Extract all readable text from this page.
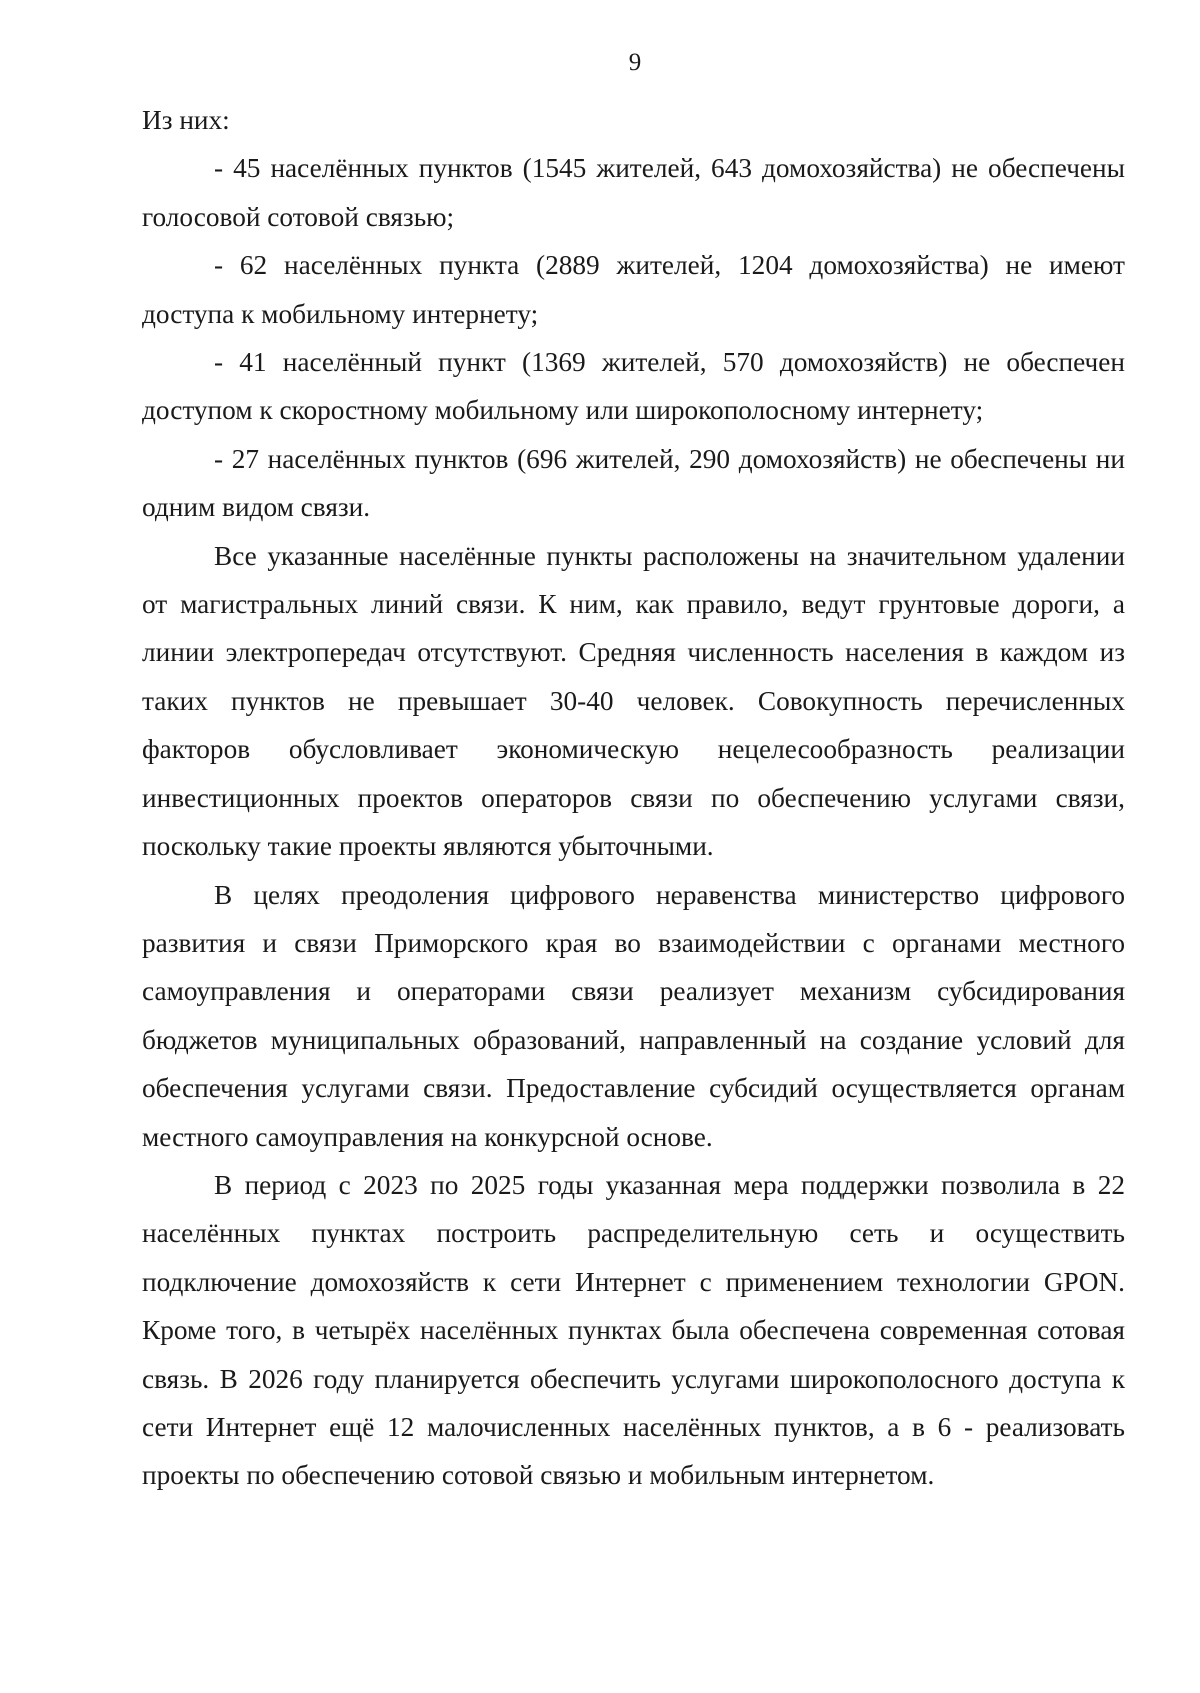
9

Из них:

- 45 населённых пунктов (1545 жителей, 643 домохозяйства) не обеспечены голосовой сотовой связью;

- 62 населённых пункта (2889 жителей, 1204 домохозяйства) не имеют доступа к мобильному интернету;

- 41 населённый пункт (1369 жителей, 570 домохозяйств) не обеспечен доступом к скоростному мобильному или широкополосному интернету;

- 27 населённых пунктов (696 жителей, 290 домохозяйств) не обеспечены ни одним видом связи.

Все указанные населённые пункты расположены на значительном удалении от магистральных линий связи. К ним, как правило, ведут грунтовые дороги, а линии электропередач отсутствуют. Средняя численность населения в каждом из таких пунктов не превышает 30-40 человек. Совокупность перечисленных факторов обусловливает экономическую нецелесообразность реализации инвестиционных проектов операторов связи по обеспечению услугами связи, поскольку такие проекты являются убыточными.

В целях преодоления цифрового неравенства министерство цифрового развития и связи Приморского края во взаимодействии с органами местного самоуправления и операторами связи реализует механизм субсидирования бюджетов муниципальных образований, направленный на создание условий для обеспечения услугами связи. Предоставление субсидий осуществляется органам местного самоуправления на конкурсной основе.

В период с 2023 по 2025 годы указанная мера поддержки позволила в 22 населённых пунктах построить распределительную сеть и осуществить подключение домохозяйств к сети Интернет с применением технологии GPON. Кроме того, в четырёх населённых пунктах была обеспечена современная сотовая связь. В 2026 году планируется обеспечить услугами широкополосного доступа к сети Интернет ещё 12 малочисленных населённых пунктов, а в 6 - реализовать проекты по обеспечению сотовой связью и мобильным интернетом.
